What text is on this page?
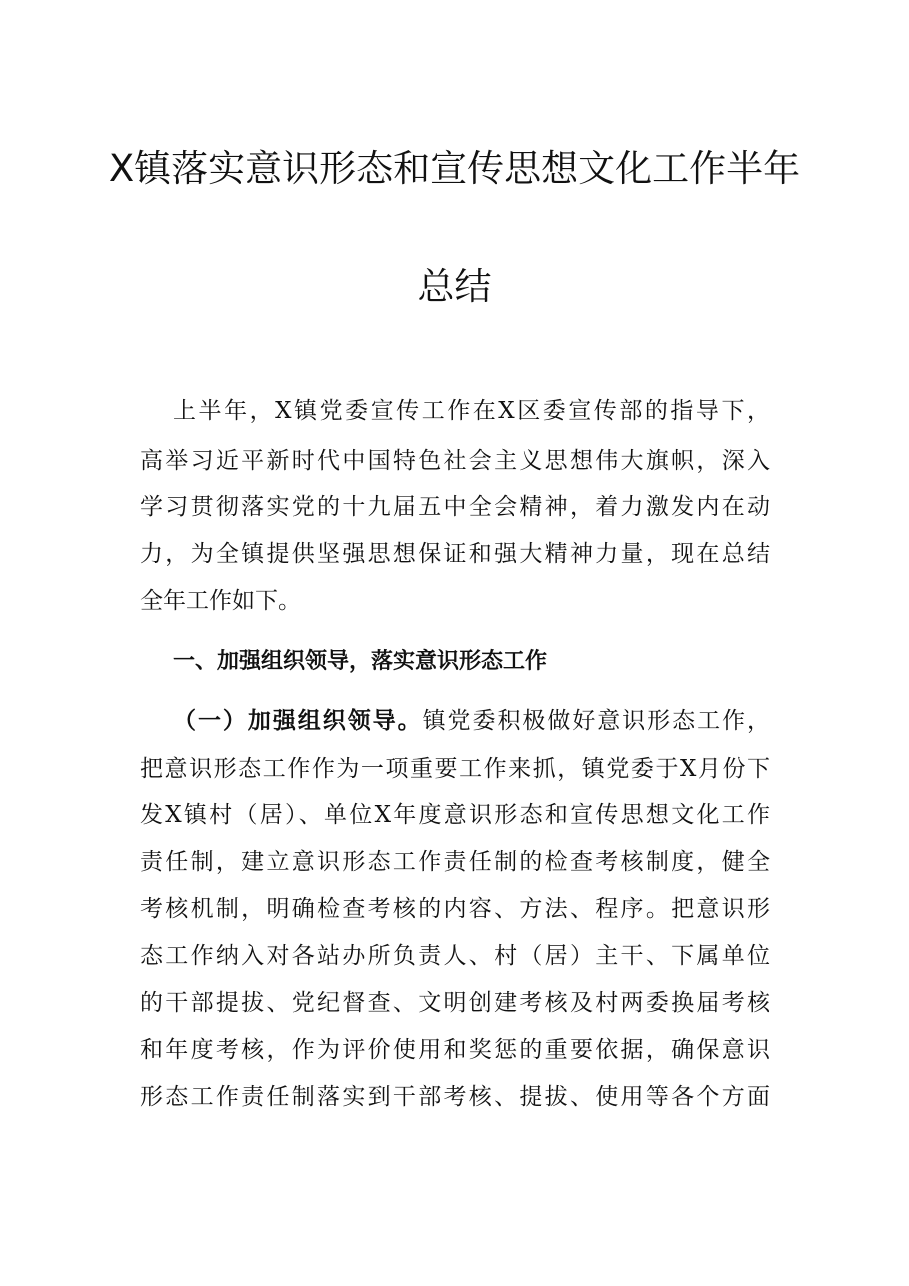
X镇落实意识形态和宣传思想文化工作半年
总结
上半年，X镇党委宣传工作在X区委宣传部的指导下，
高举习近平新时代中国特色社会主义思想伟大旗帜，深入
学习贯彻落实党的十九届五中全会精神，着力激发内在动
力，为全镇提供坚强思想保证和强大精神力量，现在总结
全年工作如下。
一、加强组织领导，落实意识形态工作
（一）加强组织领导。镇党委积极做好意识形态工作，
把意识形态工作作为一项重要工作来抓，镇党委于X月份下
发X镇村（居）、单位X年度意识形态和宣传思想文化工作
责任制，建立意识形态工作责任制的检查考核制度，健全
考核机制，明确检查考核的内容、方法、程序。把意识形
态工作纳入对各站办所负责人、村（居）主干、下属单位
的干部提拔、党纪督查、文明创建考核及村两委换届考核
和年度考核，作为评价使用和奖惩的重要依据，确保意识
形态工作责任制落实到干部考核、提拔、使用等各个方面
